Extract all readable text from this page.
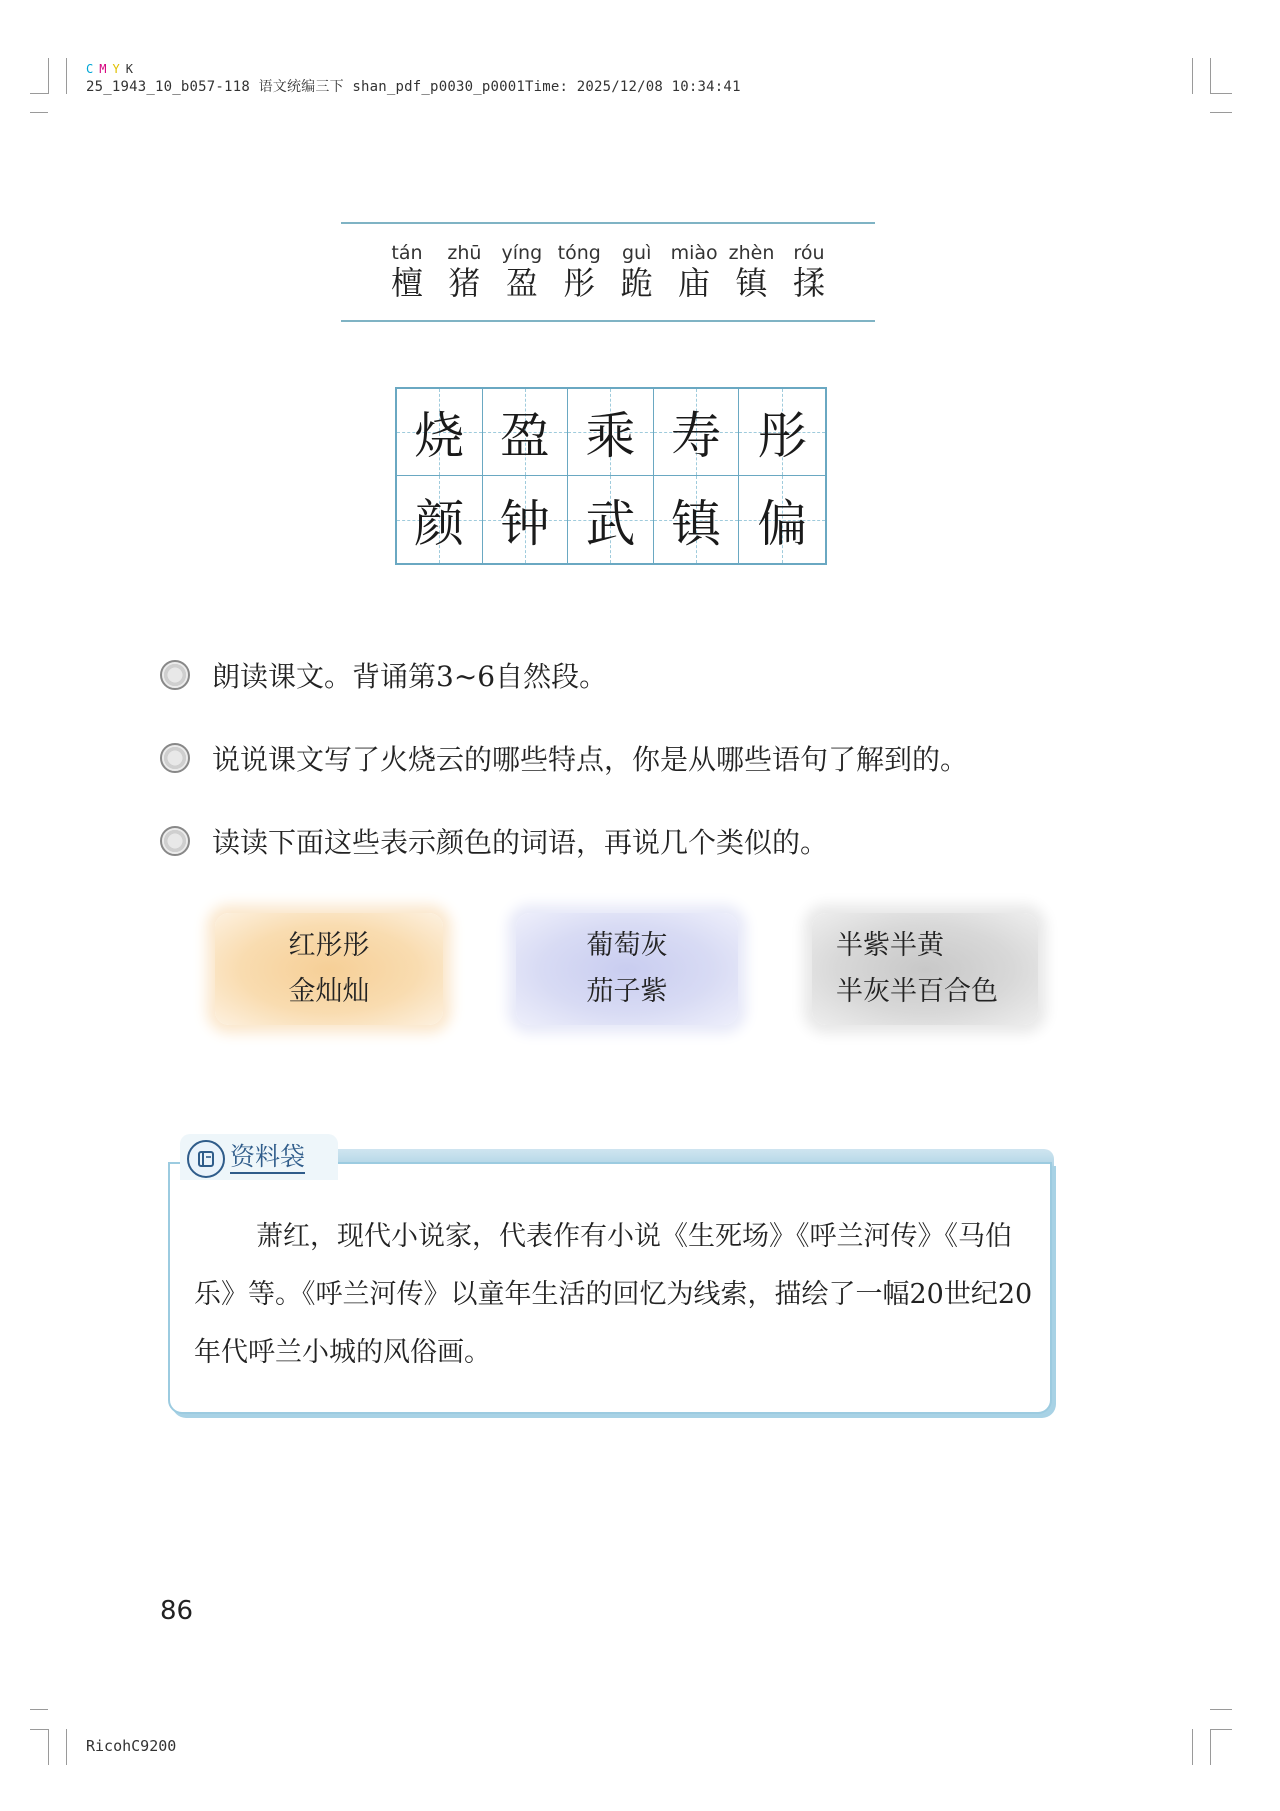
C M Y K
25_1943_10_b057-118 语文统编三下 shan_pdf_p0030_p0001Time: 2025/12/08 10:34:41
tán
檀
zhū
猪
yíng
盈
tóng
彤
guì
跪
miào
庙
zhèn
镇
róu
揉
烧 盈 乘 寿 彤
颜 钟 武 镇 偏
朗读课文。背诵第3~6自然段。
说说课文写了火烧云的哪些特点，你是从哪些语句了解到的。
读读下面这些表示颜色的词语，再说几个类似的。
红彤彤
金灿灿
葡萄灰
茄子紫
半紫半黄
半灰半百合色
资料袋
萧红，现代小说家，代表作有小说《生死场》《呼兰河传》《马伯乐》等。《呼兰河传》以童年生活的回忆为线索，描绘了一幅20世纪20年代呼兰小城的风俗画。
86
RicohC9200
